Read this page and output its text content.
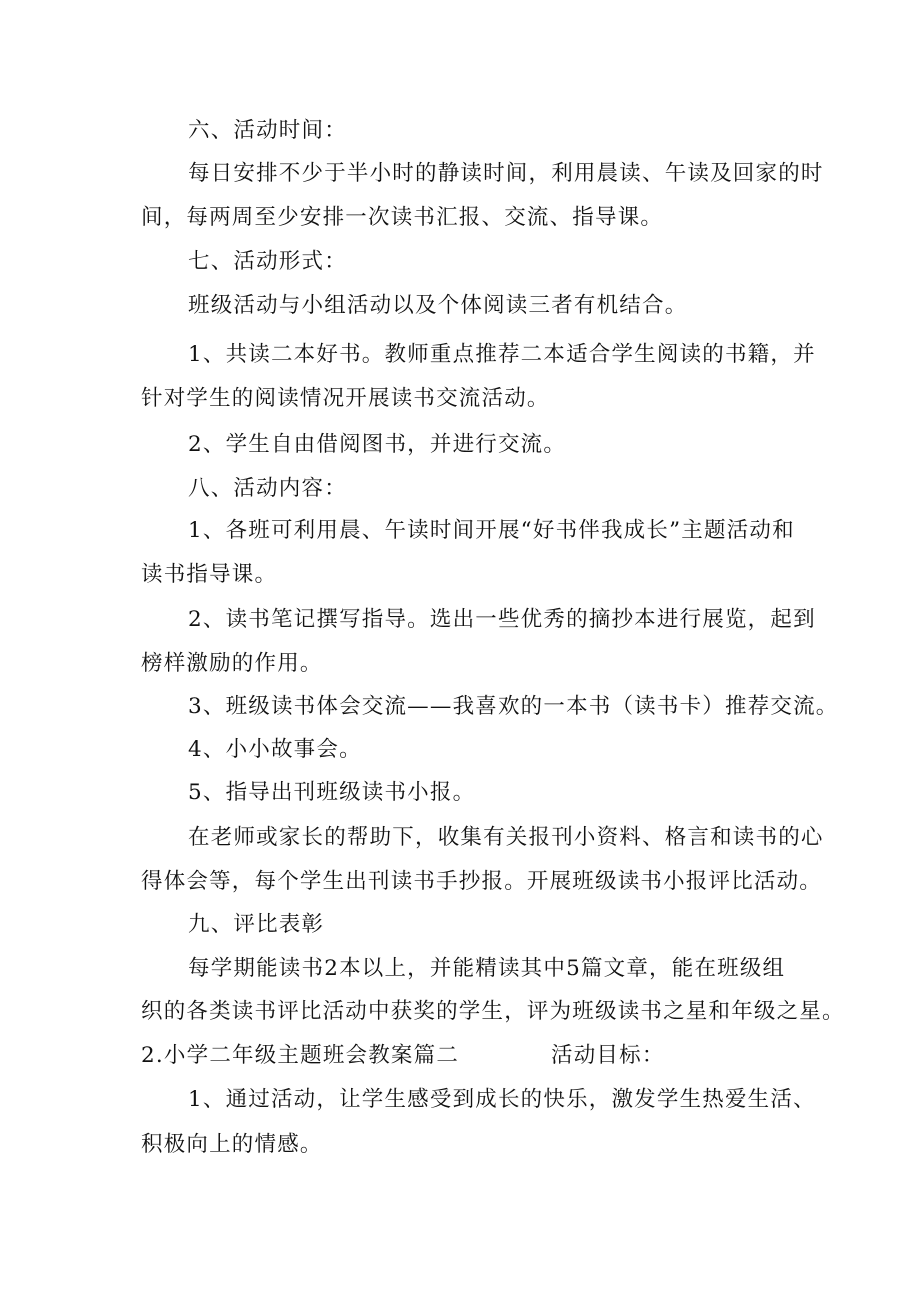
六、活动时间：
每日安排不少于半小时的静读时间，利用晨读、午读及回家的时
间，每两周至少安排一次读书汇报、交流、指导课。
七、活动形式：
班级活动与小组活动以及个体阅读三者有机结合。
1、共读二本好书。教师重点推荐二本适合学生阅读的书籍，并
针对学生的阅读情况开展读书交流活动。
2、学生自由借阅图书，并进行交流。
八、活动内容：
1、各班可利用晨、午读时间开展“好书伴我成长”主题活动和
读书指导课。
2、读书笔记撰写指导。选出一些优秀的摘抄本进行展览，起到
榜样激励的作用。
3、班级读书体会交流——我喜欢的一本书（读书卡）推荐交流。
4、小小故事会。
5、指导出刊班级读书小报。
在老师或家长的帮助下，收集有关报刊小资料、格言和读书的心
得体会等，每个学生出刊读书手抄报。开展班级读书小报评比活动。
九、评比表彰
每学期能读书2本以上，并能精读其中5篇文章，能在班级组
织的各类读书评比活动中获奖的学生，评为班级读书之星和年级之星。
2.小学二年级主题班会教案篇二	活动目标：
1、通过活动，让学生感受到成长的快乐，激发学生热爱生活、
积极向上的情感。
